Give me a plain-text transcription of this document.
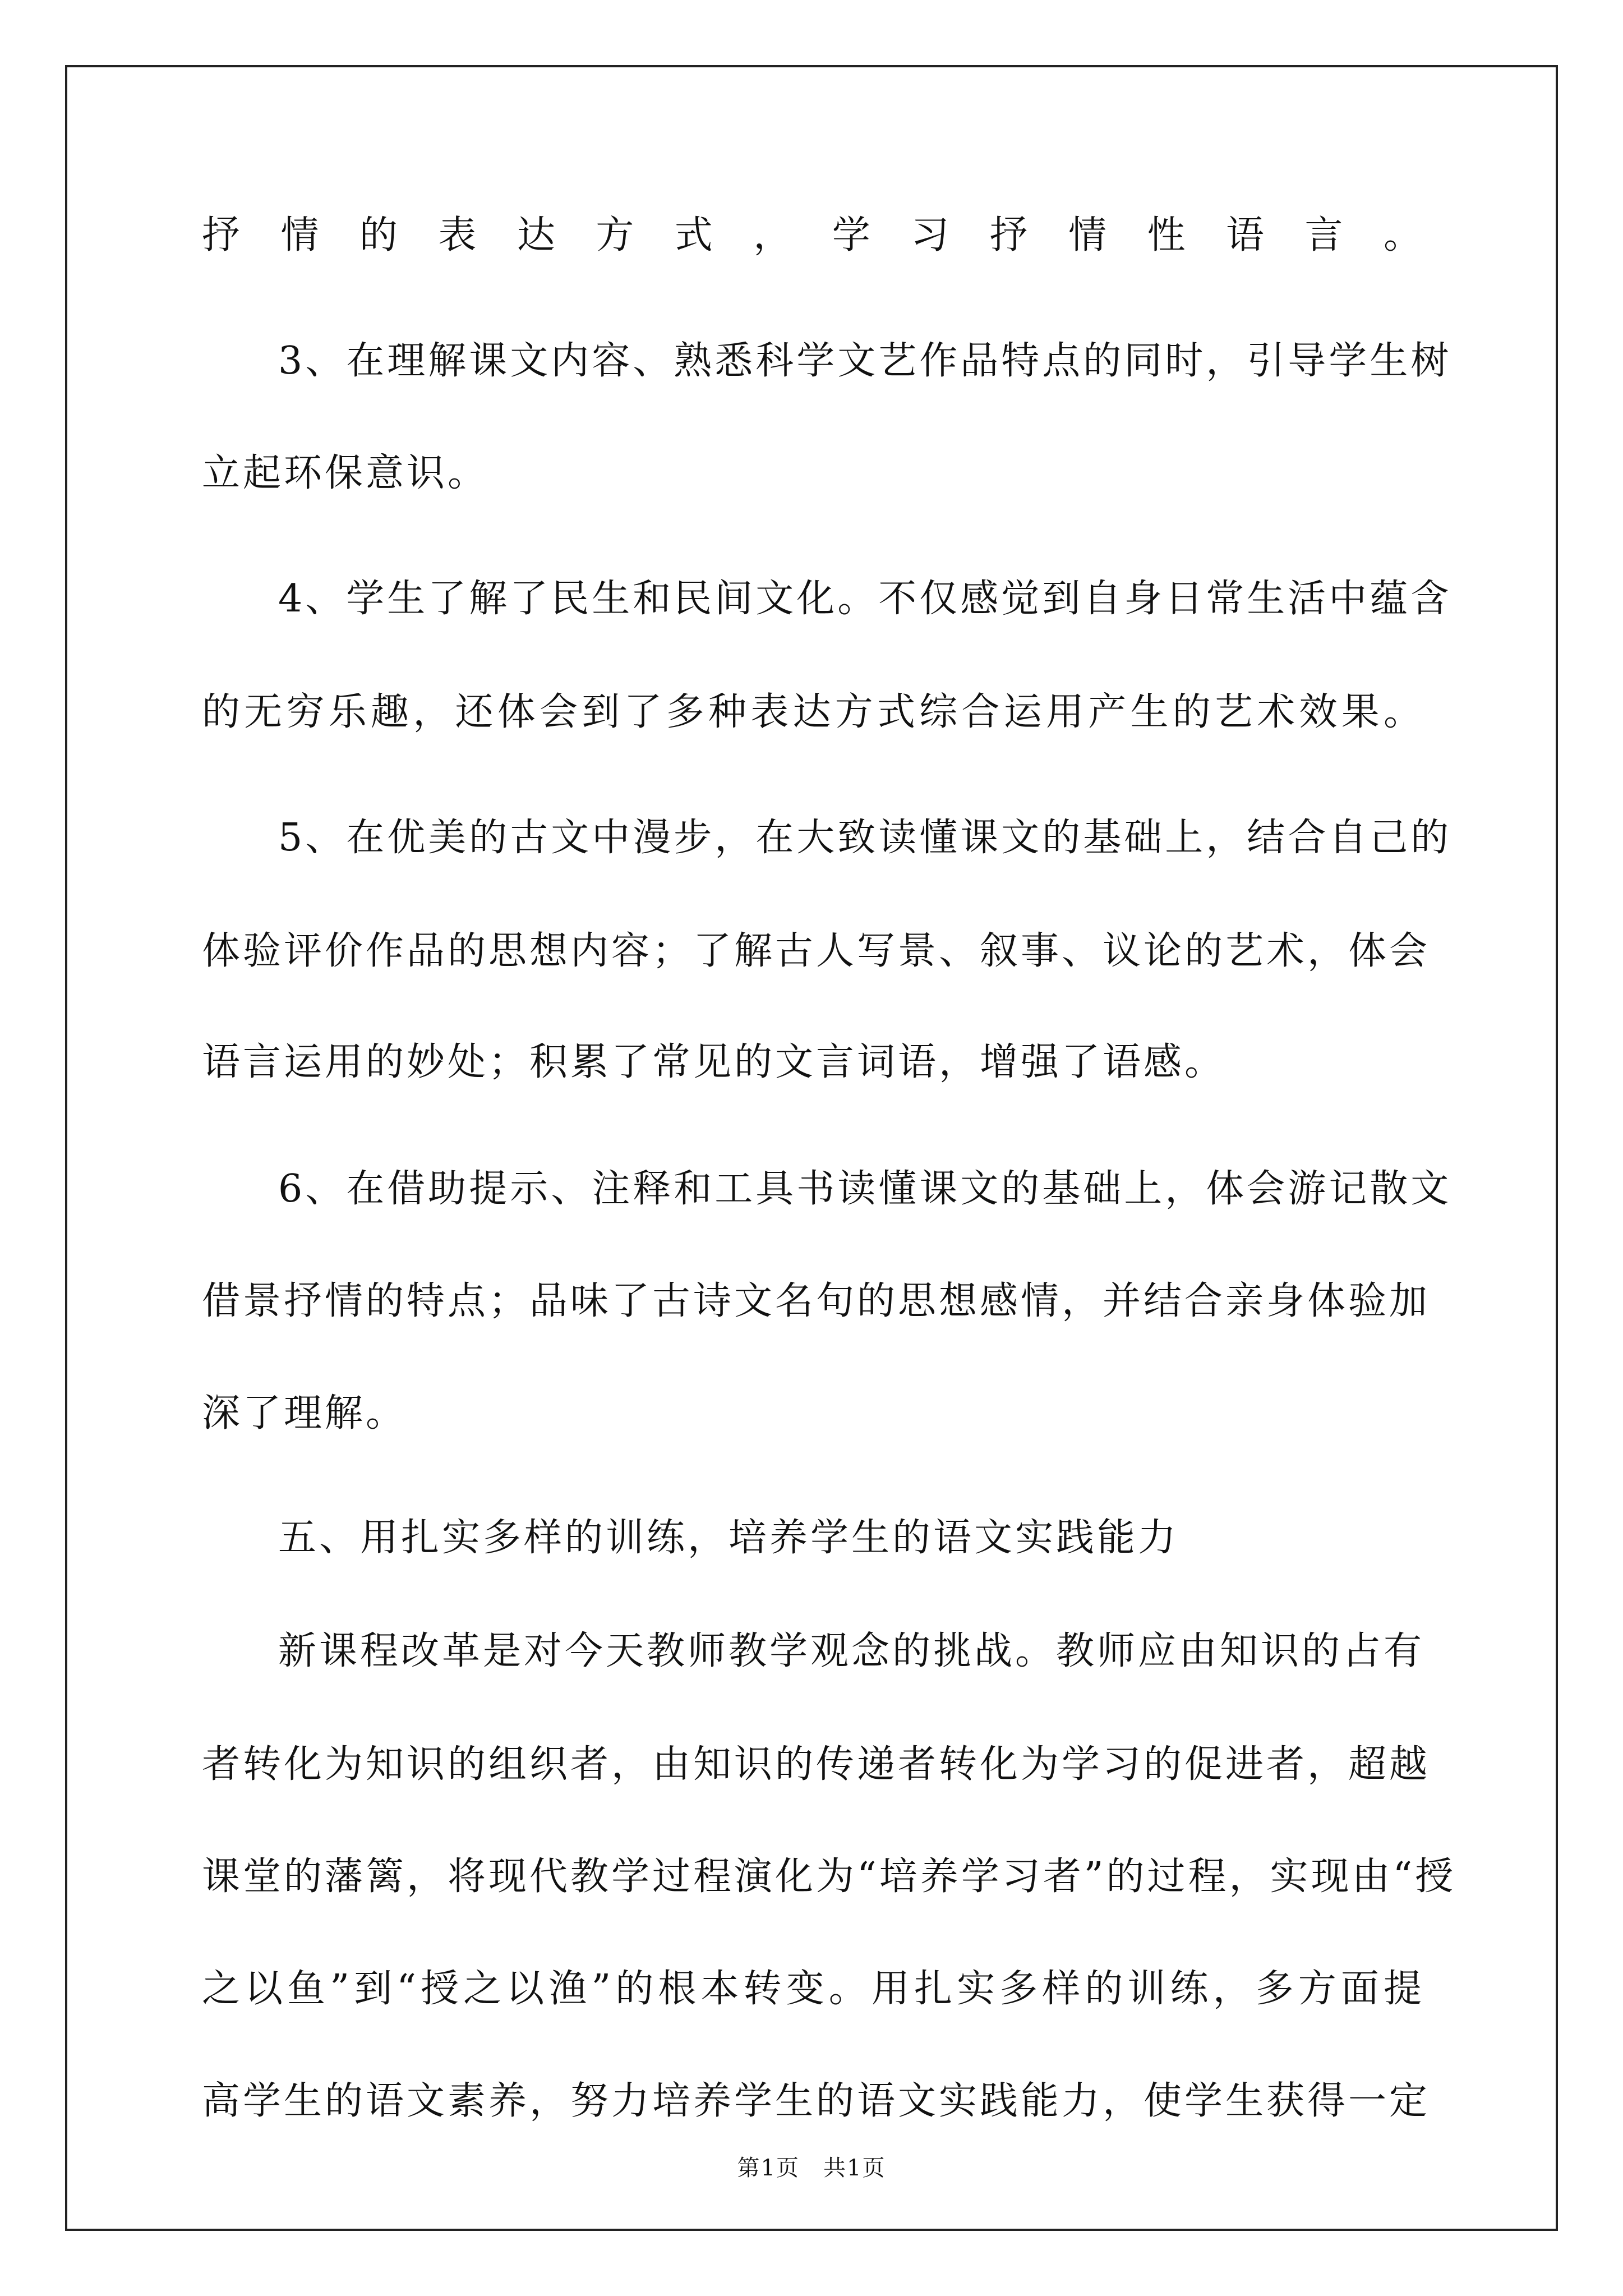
抒情的表达方式，学习抒情性语言。
3、在理解课文内容、熟悉科学文艺作品特点的同时，引导学生树
立起环保意识。
4、学生了解了民生和民间文化。不仅感觉到自身日常生活中蕴含
的无穷乐趣，还体会到了多种表达方式综合运用产生的艺术效果。
5、在优美的古文中漫步，在大致读懂课文的基础上，结合自己的
体验评价作品的思想内容；了解古人写景、叙事、议论的艺术，体会
语言运用的妙处；积累了常见的文言词语，增强了语感。
6、在借助提示、注释和工具书读懂课文的基础上，体会游记散文
借景抒情的特点；品味了古诗文名句的思想感情，并结合亲身体验加
深了理解。
五、用扎实多样的训练，培养学生的语文实践能力
新课程改革是对今天教师教学观念的挑战。教师应由知识的占有
者转化为知识的组织者，由知识的传递者转化为学习的促进者，超越
课堂的藩篱，将现代教学过程演化为“培养学习者”的过程，实现由“授
之以鱼”到“授之以渔”的根本转变。用扎实多样的训练，多方面提
高学生的语文素养，努力培养学生的语文实践能力，使学生获得一定
第1页　共1页
